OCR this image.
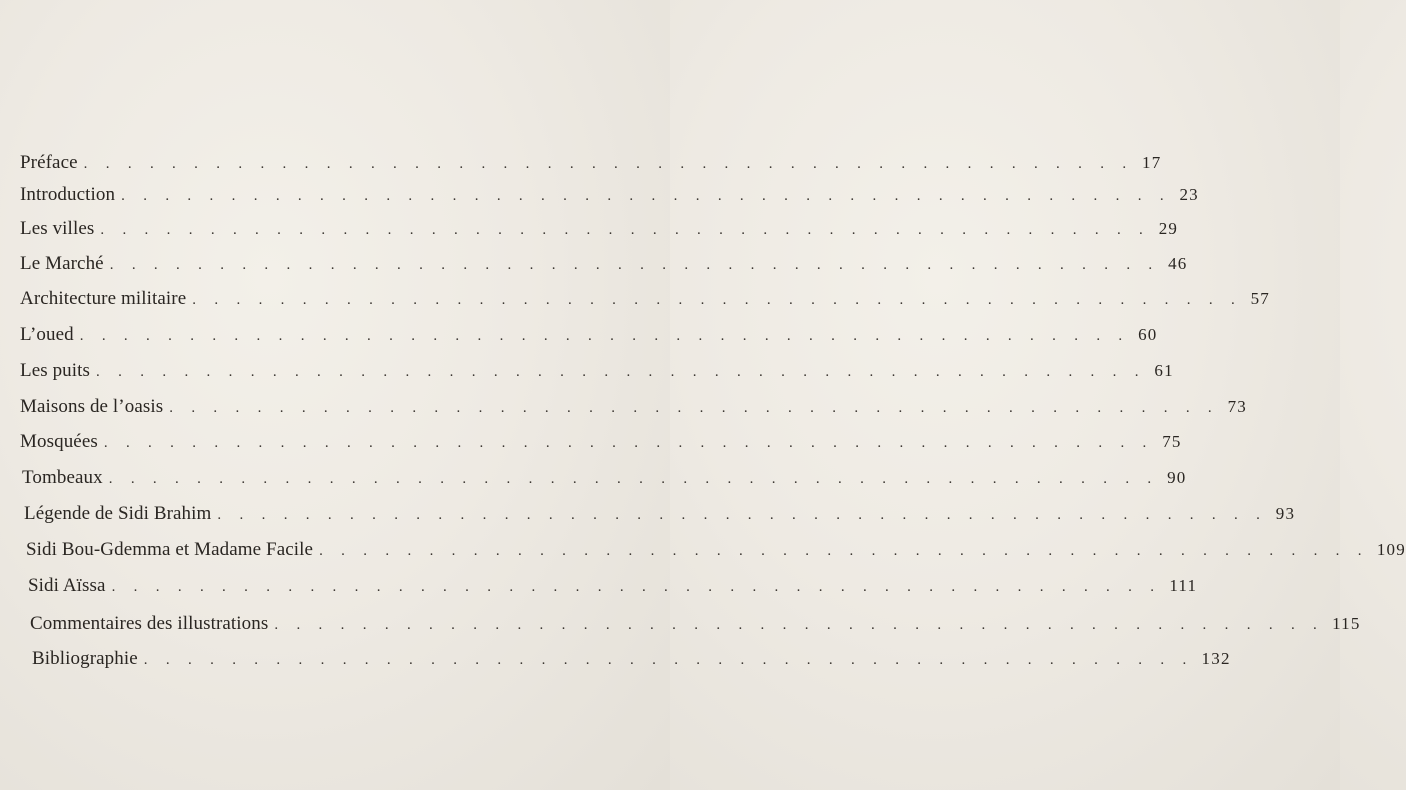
Préface . . . . . . . . . . . . . . . . . . . . . . . . . . . . . . . . . . . . . . . . . . . . . . . . 17
Introduction . . . . . . . . . . . . . . . . . . . . . . . . . . . . . . . . . . . . . . . . . . . . . . . . 23
Les villes . . . . . . . . . . . . . . . . . . . . . . . . . . . . . . . . . . . . . . . . . . . . . . . . 29
Le Marché . . . . . . . . . . . . . . . . . . . . . . . . . . . . . . . . . . . . . . . . . . . . . . . . 46
Architecture militaire . . . . . . . . . . . . . . . . . . . . . . . . . . . . . . . . . . . . . . . . . . . . . . . . 57
L’oued . . . . . . . . . . . . . . . . . . . . . . . . . . . . . . . . . . . . . . . . . . . . . . . . 60
Les puits . . . . . . . . . . . . . . . . . . . . . . . . . . . . . . . . . . . . . . . . . . . . . . . . 61
Maisons de l’oasis . . . . . . . . . . . . . . . . . . . . . . . . . . . . . . . . . . . . . . . . . . . . . . . . 73
Mosquées . . . . . . . . . . . . . . . . . . . . . . . . . . . . . . . . . . . . . . . . . . . . . . . . 75
Tombeaux . . . . . . . . . . . . . . . . . . . . . . . . . . . . . . . . . . . . . . . . . . . . . . . . 90
Légende de Sidi Brahim . . . . . . . . . . . . . . . . . . . . . . . . . . . . . . . . . . . . . . . . . . . . . . . . 93
Sidi Bou-Gdemma et Madame Facile . . . . . . . . . . . . . . . . . . . . . . . . . . . . . . . . . . . . . . . . . . . . . . . . 109
Sidi Aïssa . . . . . . . . . . . . . . . . . . . . . . . . . . . . . . . . . . . . . . . . . . . . . . . . 111
Commentaires des illustrations . . . . . . . . . . . . . . . . . . . . . . . . . . . . . . . . . . . . . . . . . . . . . . . . 115
Bibliographie . . . . . . . . . . . . . . . . . . . . . . . . . . . . . . . . . . . . . . . . . . . . . . . . 132
